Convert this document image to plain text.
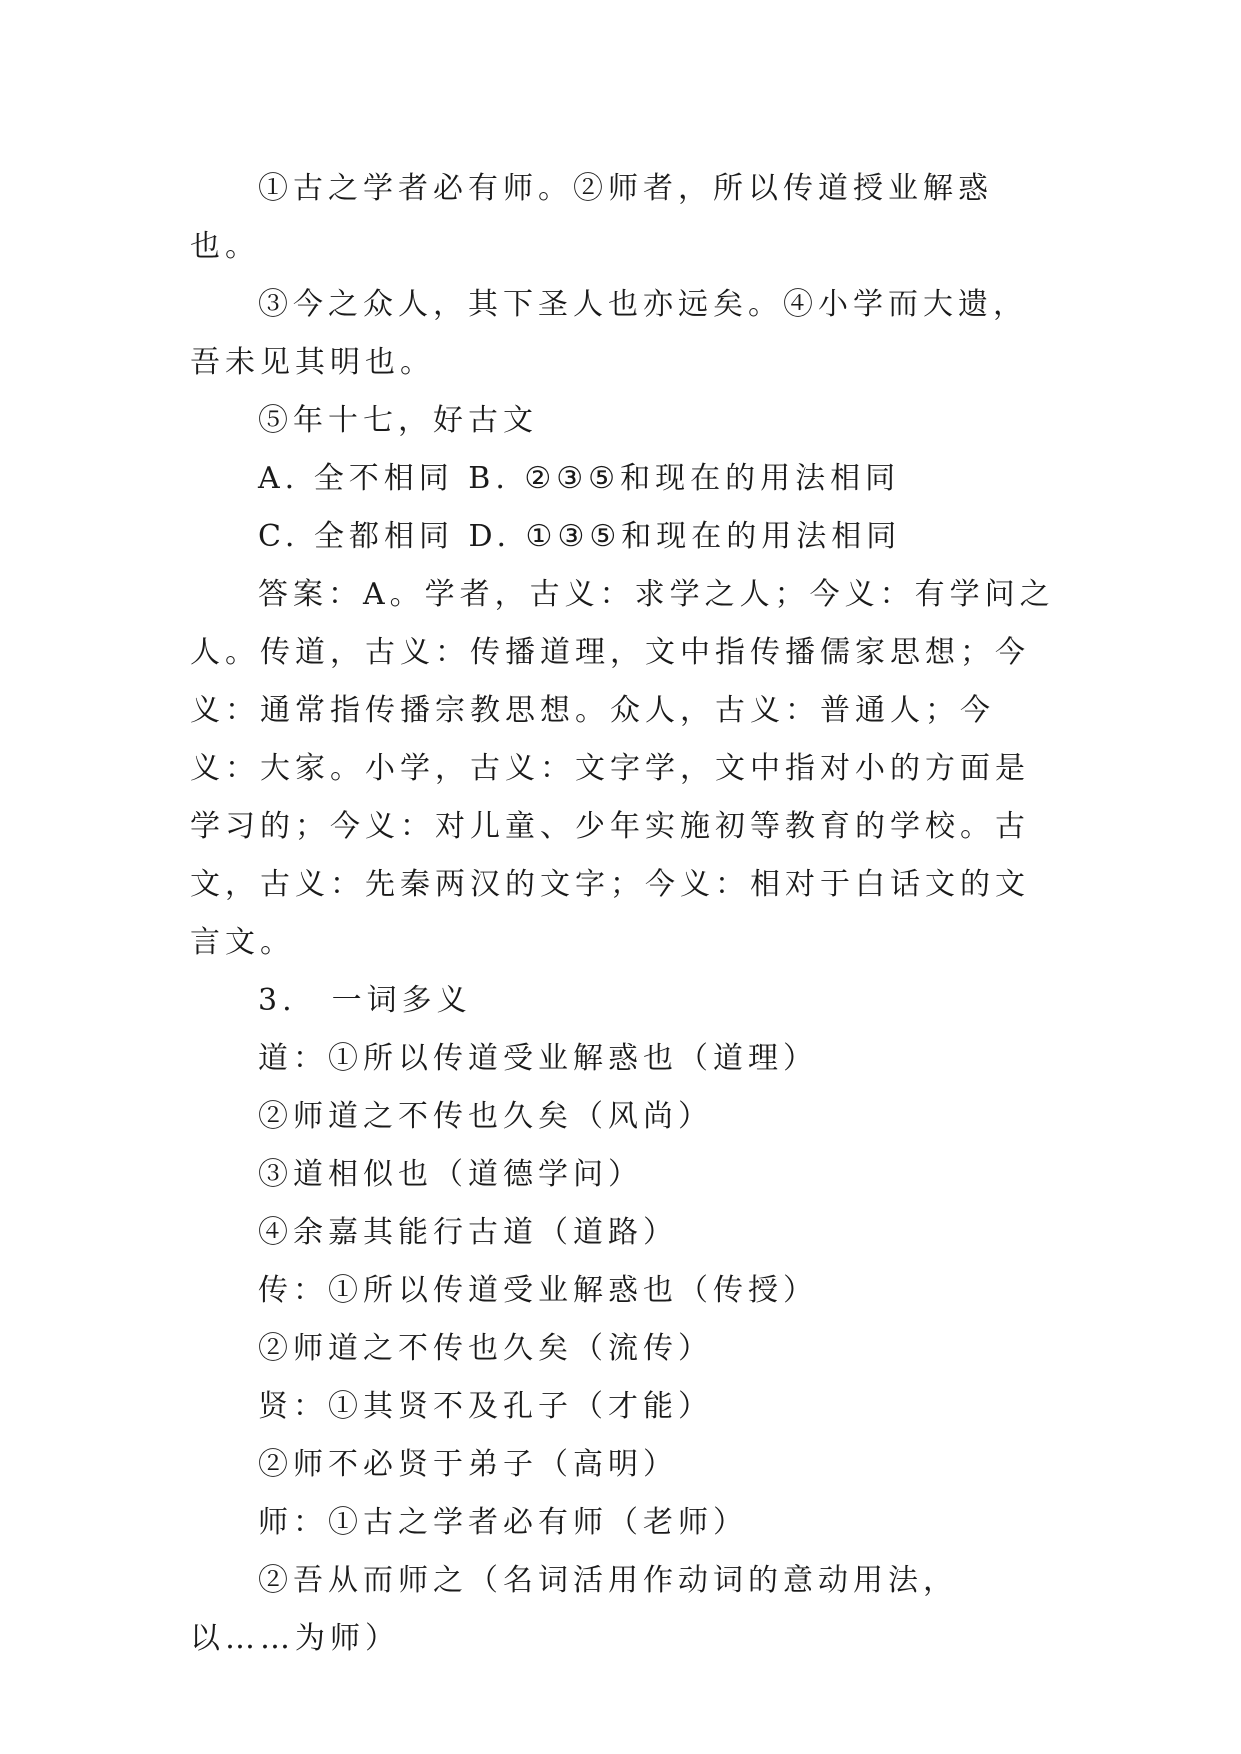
①古之学者必有师。②师者，所以传道授业解惑也。

③今之众人，其下圣人也亦远矣。④小学而大遗，吾未见其明也。

⑤年十七，好古文

A. 全不相同 B. ②③⑤和现在的用法相同

C. 全都相同 D. ①③⑤和现在的用法相同

答案：A。学者，古义：求学之人；今义：有学问之人。传道，古义：传播道理，文中指传播儒家思想；今义：通常指传播宗教思想。众人，古义：普通人；今义：大家。小学，古义：文字学，文中指对小的方面是学习的；今义：对儿童、少年实施初等教育的学校。古文，古义：先秦两汉的文字；今义：相对于白话文的文言文。

3.　一词多义

道：①所以传道受业解惑也（道理）

②师道之不传也久矣（风尚）

③道相似也（道德学问）

④余嘉其能行古道（道路）

传：①所以传道受业解惑也（传授）

②师道之不传也久矣（流传）

贤：①其贤不及孔子（才能）

②师不必贤于弟子（高明）

师：①古之学者必有师（老师）

②吾从而师之（名词活用作动词的意动用法，以……为师）
